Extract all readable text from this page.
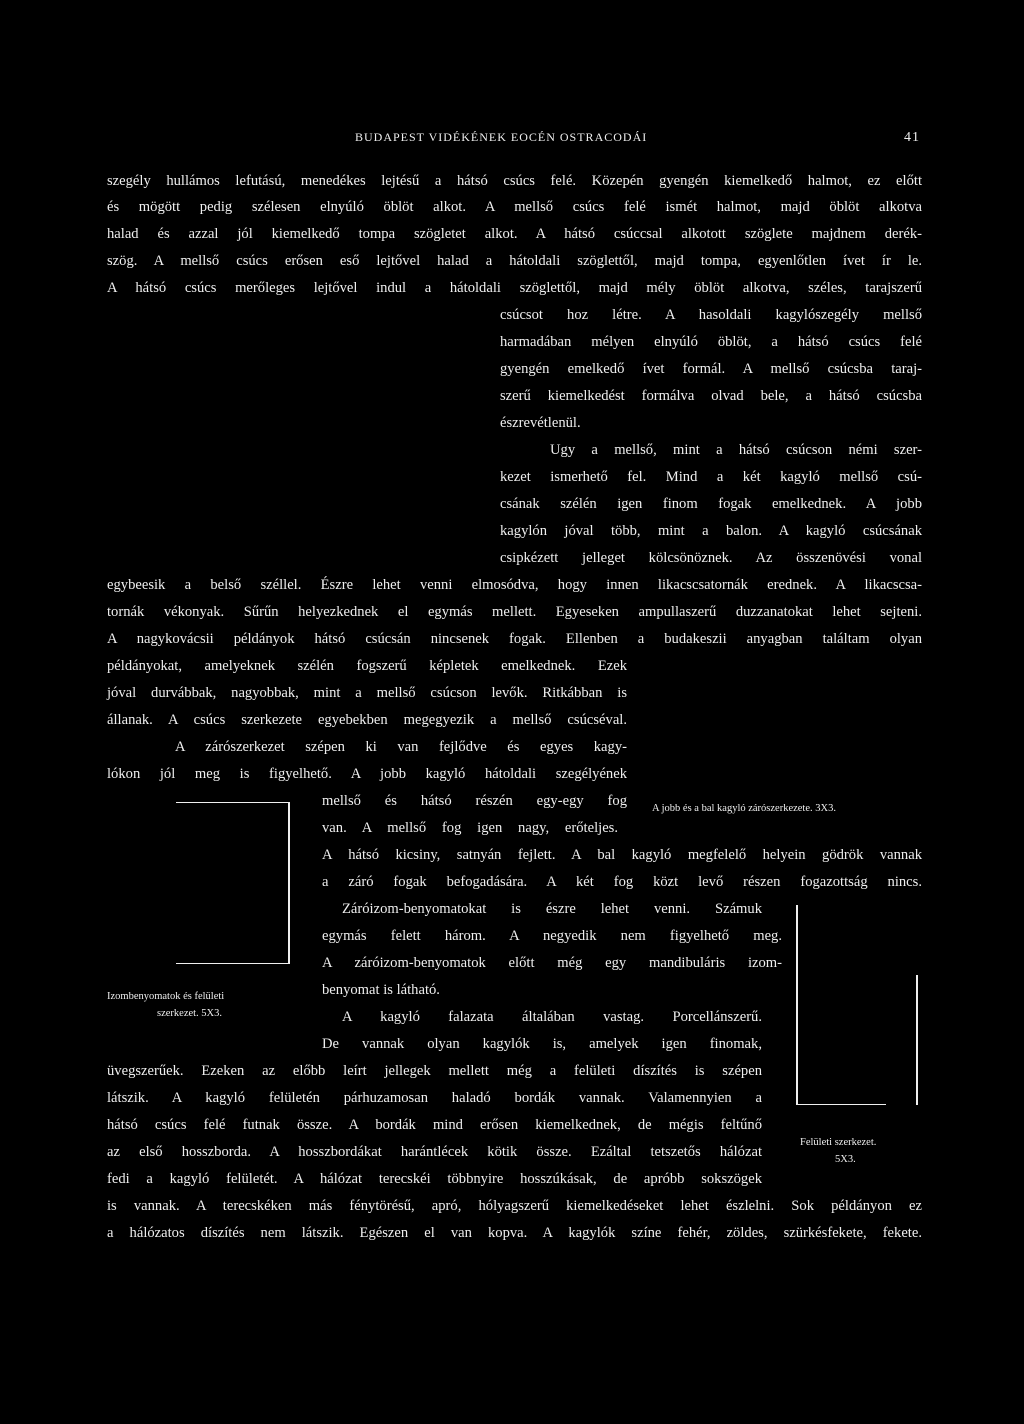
BUDAPEST VIDÉKÉNEK EOCÉN OSTRACODÁI	41
szegély hullámos lefutású, menedékes lejtésű a hátsó csúcs felé. Közepén gyengén kiemelkedő halmot, ez előtt
és mögött pedig szélesen elnyúló öblöt alkot. A mellső csúcs felé ismét halmot, majd öblöt alkotva
halad és azzal jól kiemelkedő tompa szögletet alkot. A hátsó csúccsal alkotott szöglete majdnem derék-
szög. A mellső csúcs erősen eső lejtővel halad a hátoldali szöglettől, majd tompa, egyenlőtlen ívet ír le.
A hátsó csúcs merőleges lejtővel indul a hátoldali szöglettől, majd mély öblöt alkotva, széles, tarajszerű
csúcsot hoz létre. A hasoldali kagylószegély mellső
harmadában mélyen elnyúló öblöt, a hátsó csúcs felé
gyengén emelkedő ívet formál. A mellső csúcsba taraj-
szerű kiemelkedést formálva olvad bele, a hátsó csúcsba
észrevétlenül.
Ugy a mellső, mint a hátsó csúcson némi szer-
kezet ismerhető fel. Mind a két kagyló mellső csú-
csának szélén igen finom fogak emelkednek. A jobb
kagylón jóval több, mint a balon. A kagyló csúcsának
csipkézett jelleget kölcsönöznek. Az összenövési vonal
egybeesik a belső széllel. Észre lehet venni elmosódva, hogy innen likacscsatornák erednek. A likacscsa-
tornák vékonyak. Sűrűn helyezkednek el egymás mellett. Egyeseken ampullaszerű duzzanatokat lehet sejteni.
A nagykovácsii példányok hátsó csúcsán nincsenek fogak. Ellenben a budakeszii anyagban találtam olyan
példányokat, amelyeknek szélén fogszerű képletek emelkednek. Ezek
jóval durvábbak, nagyobbak, mint a mellső csúcson levők. Ritkábban is
állanak. A csúcs szerkezete egyebekben megegyezik a mellső csúcséval.
A zárószerkezet szépen ki van fejlődve és egyes kagy-
lókon jól meg is figyelhető. A jobb kagyló hátoldali szegélyének
mellső és hátsó részén egy-egy fog
van. A mellső fog igen nagy, erőteljes.
A hátsó kicsiny, satnyán fejlett. A bal kagyló megfelelő helyein gödrök vannak
a záró fogak befogadására. A két fog közt levő részen fogazottság nincs.
Záróizom-benyomatokat is észre lehet venni. Számuk
egymás felett három. A negyedik nem figyelhető meg.
A záróizom-benyomatok előtt még egy mandibuláris izom-
benyomat is látható.
A kagyló falazata általában vastag. Porcellánszerű.
De vannak olyan kagylók is, amelyek igen finomak,
üvegszerűek. Ezeken az előbb leírt jellegek mellett még a felületi díszítés is szépen
látszik. A kagyló felületén párhuzamosan haladó bordák vannak. Valamennyien a
hátsó csúcs felé futnak össze. A bordák mind erősen kiemelkednek, de mégis feltűnő
az első hosszborda. A hosszbordákat harántlécek kötik össze. Ezáltal tetszetős hálózat
fedi a kagyló felületét. A hálózat terecskéi többnyire hosszúkásak, de apróbb sokszögek
is vannak. A terecskéken más fénytörésű, apró, hólyagszerű kiemelkedéseket lehet észlelni. Sok példányon ez
a hálózatos díszítés nem látszik. Egészen el van kopva. A kagylók színe fehér, zöldes, szürkésfekete, fekete.
A jobb és a bal kagyló zárószerkezete. 3X3.
Izombenyomatok és felületi
szerkezet. 5X3.
Felületi szerkezet.
5X3.
